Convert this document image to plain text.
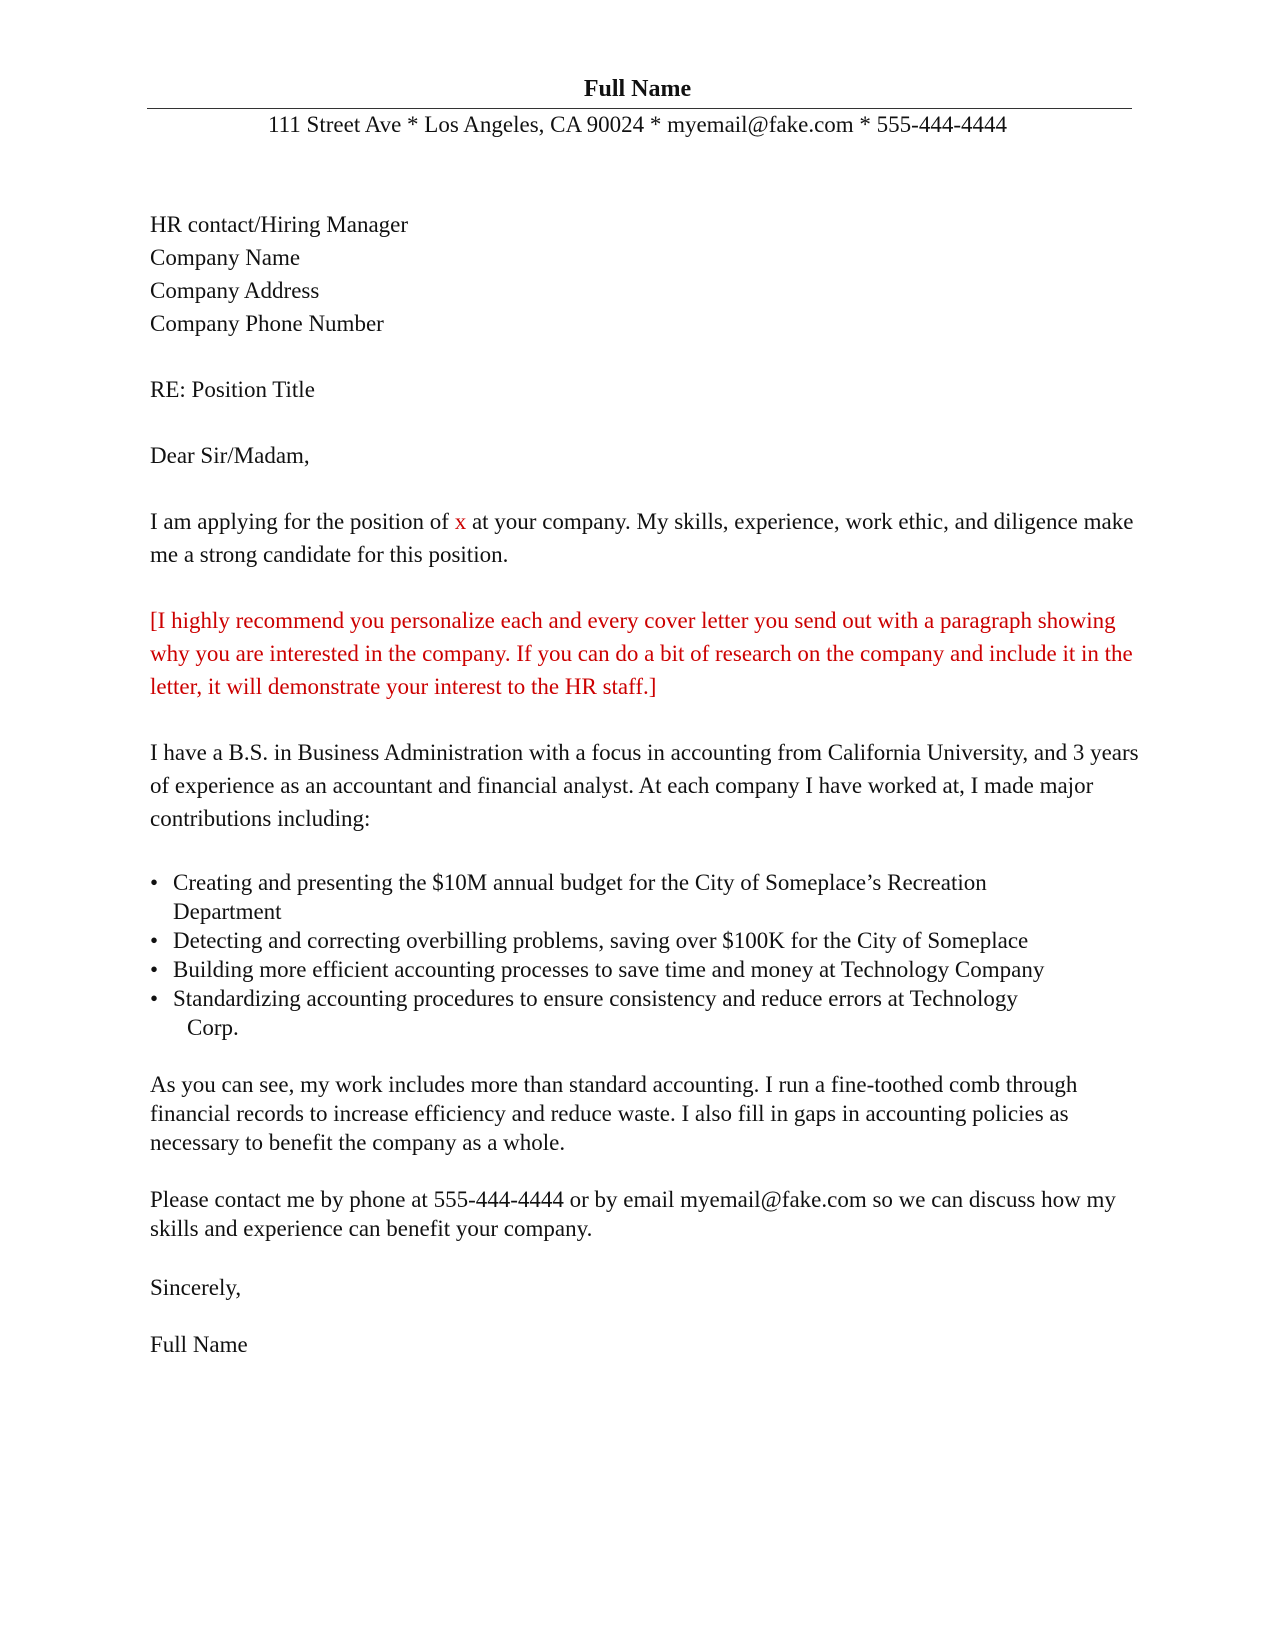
Full Name
111 Street Ave * Los Angeles, CA 90024 * myemail@fake.com * 555-444-4444

HR contact/Hiring Manager
Company Name
Company Address
Company Phone Number

RE: Position Title

Dear Sir/Madam,

I am applying for the position of x at your company. My skills, experience, work ethic, and diligence make me a strong candidate for this position.

[I highly recommend you personalize each and every cover letter you send out with a paragraph showing why you are interested in the company. If you can do a bit of research on the company and include it in the letter, it will demonstrate your interest to the HR staff.]

I have a B.S. in Business Administration with a focus in accounting from California University, and 3 years of experience as an accountant and financial analyst. At each company I have worked at, I made major contributions including:

• Creating and presenting the $10M annual budget for the City of Someplace’s Recreation
Department
• Detecting and correcting overbilling problems, saving over $100K for the City of Someplace
• Building more efficient accounting processes to save time and money at Technology Company
• Standardizing accounting procedures to ensure consistency and reduce errors at Technology
Corp.

As you can see, my work includes more than standard accounting. I run a fine-toothed comb through financial records to increase efficiency and reduce waste. I also fill in gaps in accounting policies as necessary to benefit the company as a whole.

Please contact me by phone at 555-444-4444 or by email myemail@fake.com so we can discuss how my skills and experience can benefit your company.

Sincerely,

Full Name
